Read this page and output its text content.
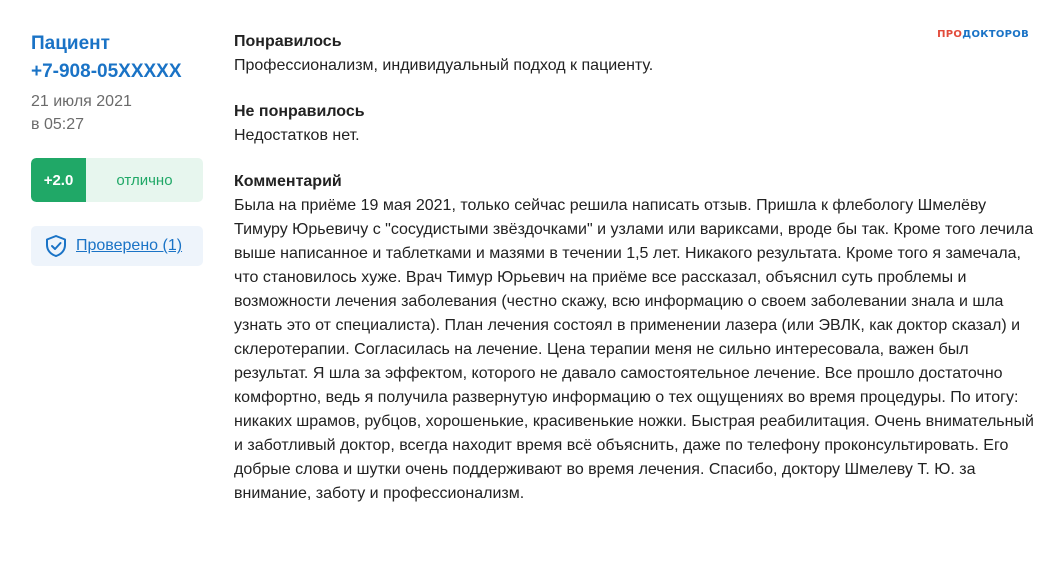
Пациент
+7-908-05XXXXX
21 июля 2021
в 05:27
+2.0	отлично
Проверено (1)

Понравилось

Профессионализм, индивидуальный подход к пациенту.

Не понравилось

Недостатков нет.

Комментарий

Была на приёме 19 мая 2021, только сейчас решила написать отзыв. Пришла к флебологу Шмелёву Тимуру Юрьевичу с "сосудистыми звёздочками" и узлами или вариксами, вроде бы так. Кроме того лечила выше написанное и таблетками и мазями в течении 1,5 лет. Никакого результата. Кроме того я замечала, что становилось хуже. Врач Тимур Юрьевич на приёме все рассказал, объяснил суть проблемы и возможности лечения заболевания (честно скажу, всю информацию о своем заболевании знала и шла узнать это от специалиста). План лечения состоял в применении лазера (или ЭВЛК, как доктор сказал) и склеротерапии. Согласилась на лечение. Цена терапии меня не сильно интересовала, важен был результат. Я шла за эффектом, которого не давало самостоятельное лечение. Все прошло достаточно комфортно, ведь я получила развернутую информацию о тех ощущениях во время процедуры. По итогу: никаких шрамов, рубцов, хорошенькие, красивенькие ножки. Быстрая реабилитация. Очень внимательный и заботливый доктор, всегда находит время всё объяснить, даже по телефону проконсультировать. Его добрые слова и шутки очень поддерживают во время лечения. Спасибо, доктору Шмелеву Т. Ю. за внимание, заботу и профессионализм.

ПРОДОКТОРОВ
